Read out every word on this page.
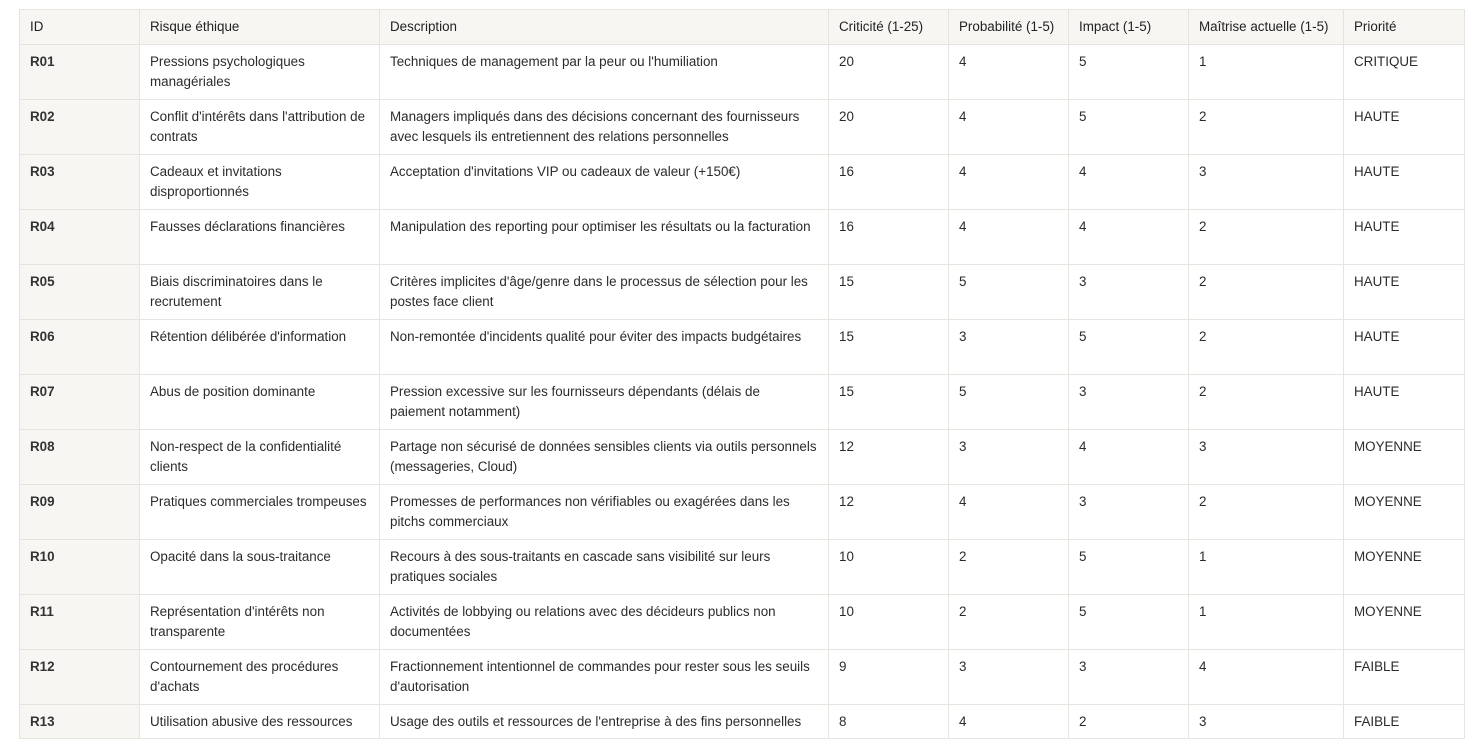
ID	Risque éthique	Description	Criticité (1-25)	Probabilité (1-5)	Impact (1-5)	Maîtrise actuelle (1-5)	Priorité
R01	Pressions psychologiques managériales	Techniques de management par la peur ou l'humiliation	20	4	5	1	CRITIQUE
R02	Conflit d'intérêts dans l'attribution de contrats	Managers impliqués dans des décisions concernant des fournisseurs avec lesquels ils entretiennent des relations personnelles	20	4	5	2	HAUTE
R03	Cadeaux et invitations disproportionnés	Acceptation d'invitations VIP ou cadeaux de valeur (+150€)	16	4	4	3	HAUTE
R04	Fausses déclarations financières	Manipulation des reporting pour optimiser les résultats ou la facturation	16	4	4	2	HAUTE
R05	Biais discriminatoires dans le recrutement	Critères implicites d'âge/genre dans le processus de sélection pour les postes face client	15	5	3	2	HAUTE
R06	Rétention délibérée d'information	Non-remontée d'incidents qualité pour éviter des impacts budgétaires	15	3	5	2	HAUTE
R07	Abus de position dominante	Pression excessive sur les fournisseurs dépendants (délais de paiement notamment)	15	5	3	2	HAUTE
R08	Non-respect de la confidentialité clients	Partage non sécurisé de données sensibles clients via outils personnels (messageries, Cloud)	12	3	4	3	MOYENNE
R09	Pratiques commerciales trompeuses	Promesses de performances non vérifiables ou exagérées dans les pitchs commerciaux	12	4	3	2	MOYENNE
R10	Opacité dans la sous-traitance	Recours à des sous-traitants en cascade sans visibilité sur leurs pratiques sociales	10	2	5	1	MOYENNE
R11	Représentation d'intérêts non transparente	Activités de lobbying ou relations avec des décideurs publics non documentées	10	2	5	1	MOYENNE
R12	Contournement des procédures d'achats	Fractionnement intentionnel de commandes pour rester sous les seuils d'autorisation	9	3	3	4	FAIBLE
R13	Utilisation abusive des ressources	Usage des outils et ressources de l'entreprise à des fins personnelles	8	4	2	3	FAIBLE
